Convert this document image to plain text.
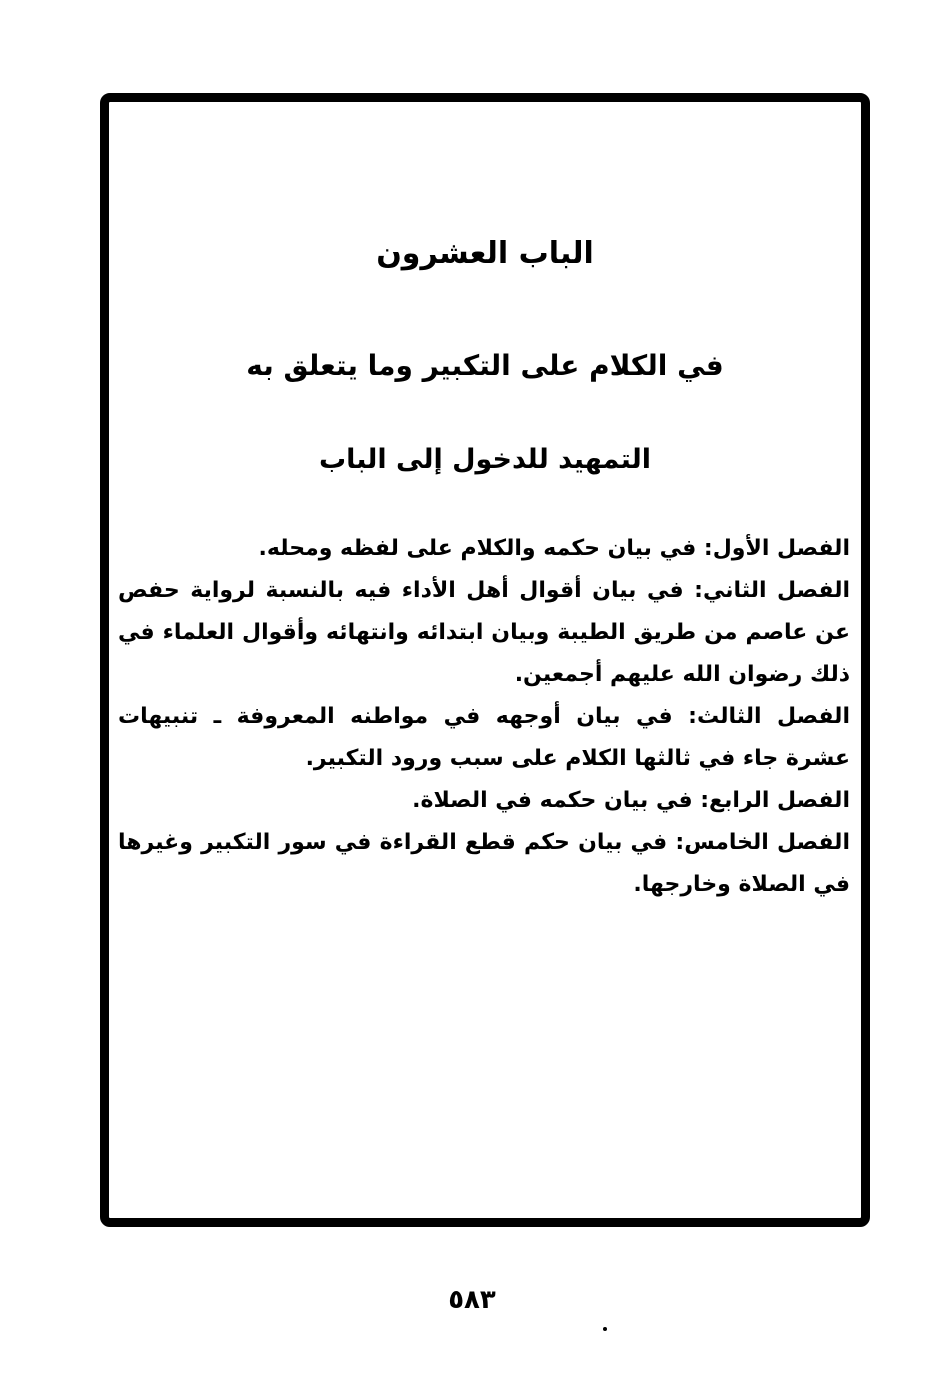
الباب العشرون
في الكلام على التكبير وما يتعلق به
التمهيد للدخول إلى الباب

الفصل الأول: في بيان حكمه والكلام على لفظه ومحله.

الفصل الثاني: في بيان أقوال أهل الأداء فيه بالنسبة لرواية حفص عن عاصم من طريق الطيبة وبيان ابتدائه وانتهائه وأقوال العلماء في ذلك رضوان الله عليهم أجمعين.

الفصل الثالث: في بيان أوجهه في مواطنه المعروفة ـ تنبيهات عشرة جاء في ثالثها الكلام على سبب ورود التكبير.

الفصل الرابع: في بيان حكمه في الصلاة.

الفصل الخامس: في بيان حكم قطع القراءة في سور التكبير وغيرها في الصلاة وخارجها.

٥٨٣
